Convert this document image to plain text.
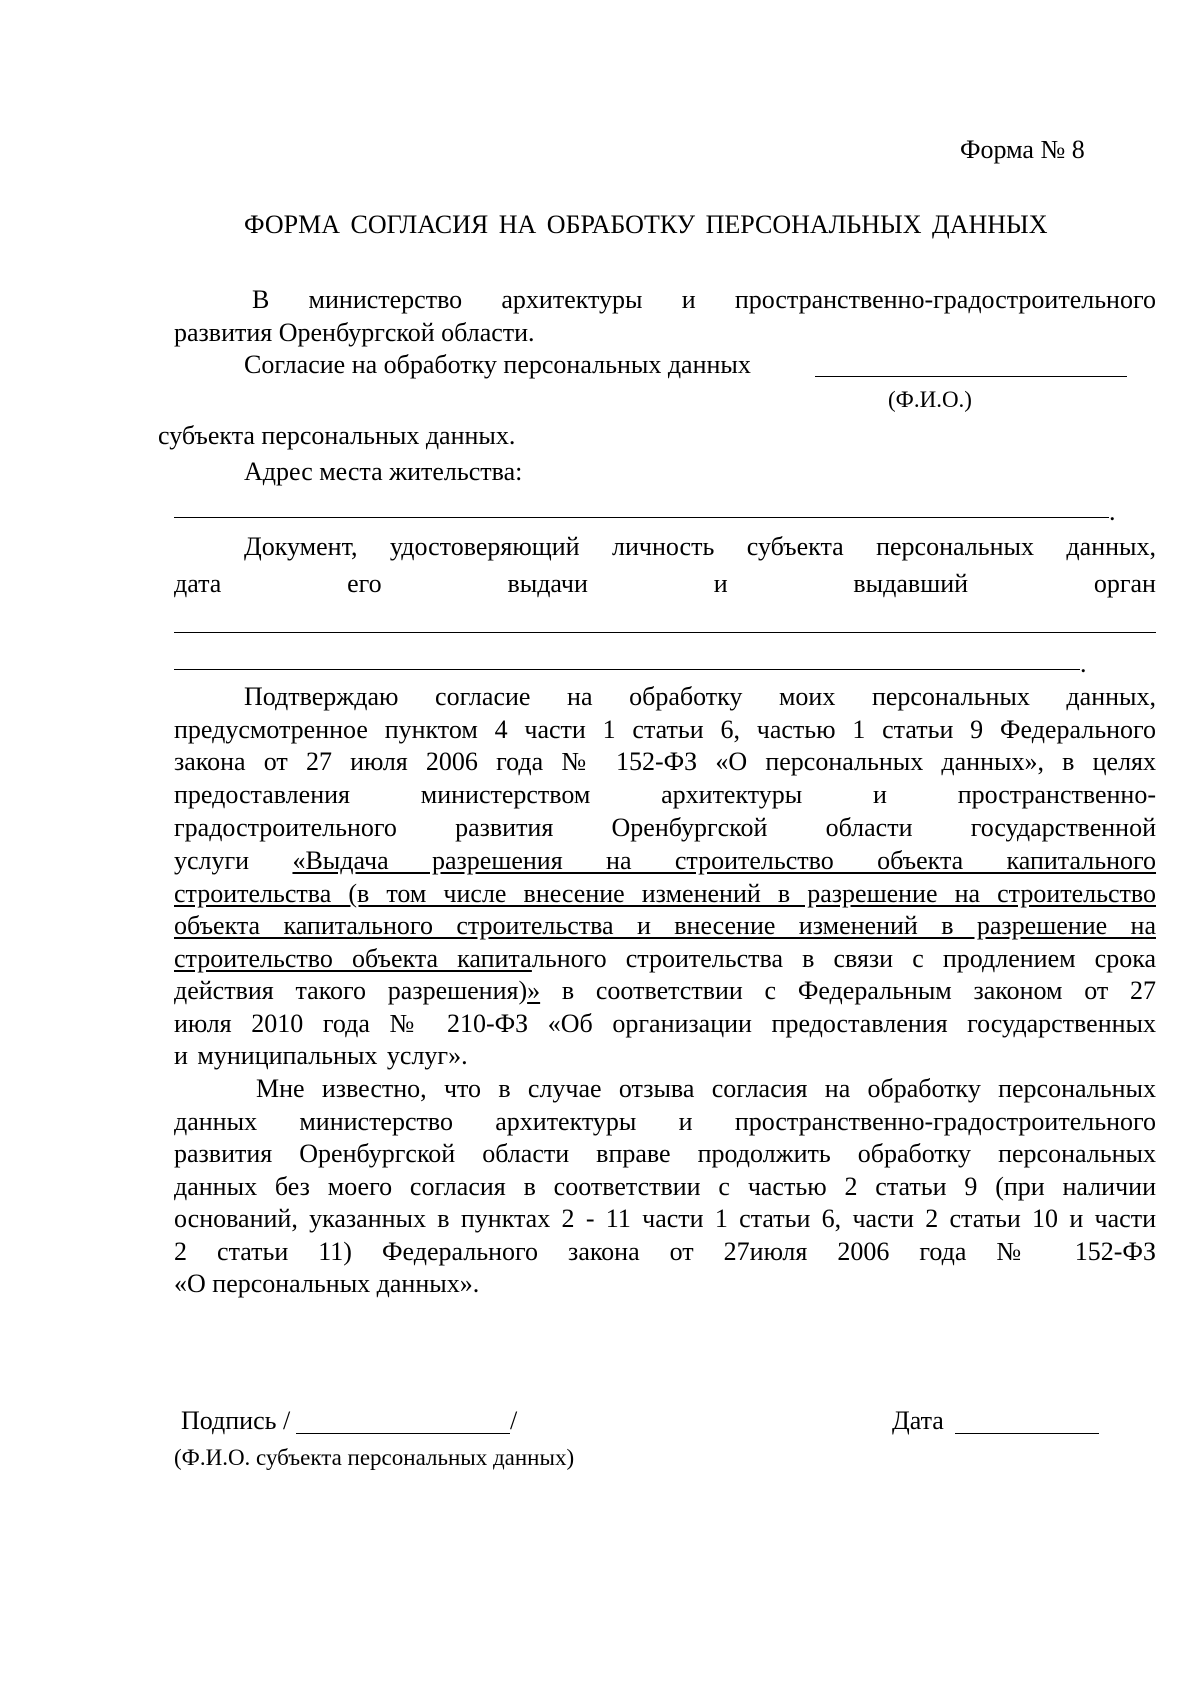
Форма № 8
ФОРМА СОГЛАСИЯ НА ОБРАБОТКУ ПЕРСОНАЛЬНЫХ ДАННЫХ
В министерство архитектуры и пространственно-градостроительного
развития Оренбургской области.
Согласие на обработку персональных данных
(Ф.И.О.)
субъекта персональных данных.
Адрес места жительства:
.
Документ, удостоверяющий личность субъекта персональных данных,
дата	его	выдачи	и	выдавший	орган
.
Подтверждаю согласие на обработку моих персональных данных,
предусмотренное пунктом 4 части 1 статьи 6, частью 1 статьи 9 Федерального
закона от 27 июля 2006 года № 152-ФЗ «О персональных данных», в целях
предоставления министерством архитектуры и пространственно-
градостроительного развития Оренбургской области государственной
услуги «Выдача разрешения на строительство объекта капитального
строительства (в том числе внесение изменений в разрешение на строительство
объекта капитального строительства и внесение изменений в разрешение на
строительство объекта капитального строительства в связи с продлением срока
действия такого разрешения)» в соответствии с Федеральным законом от 27
июля 2010 года № 210-ФЗ «Об организации предоставления государственных
и муниципальных услуг».
Мне известно, что в случае отзыва согласия на обработку персональных
данных министерство архитектуры и пространственно-градостроительного
развития Оренбургской области вправе продолжить обработку персональных
данных без моего согласия в соответствии с частью 2 статьи 9 (при наличии
оснований, указанных в пунктах 2 - 11 части 1 статьи 6, части 2 статьи 10 и части
2 статьи 11) Федерального закона от 27июля 2006 года № 152-ФЗ
«О персональных данных».
Подпись /	/
(Ф.И.О. субъекта персональных данных)
Дата
